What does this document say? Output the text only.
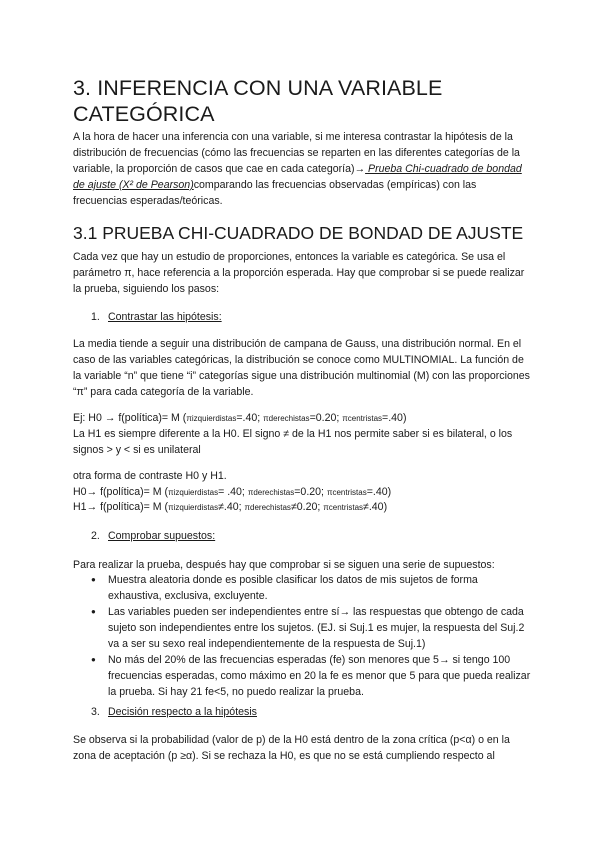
3. INFERENCIA CON UNA VARIABLE CATEGÓRICA

A la hora de hacer una inferencia con una variable, si me interesa contrastar la hipótesis de la distribución de frecuencias (cómo las frecuencias se reparten en las diferentes categorías de la variable, la proporción de casos que cae en cada categoría)→ Prueba Chi-cuadrado de bondad de ajuste (X² de Pearson)comparando las frecuencias observadas (empíricas) con las frecuencias esperadas/teóricas.

3.1 PRUEBA CHI-CUADRADO DE BONDAD DE AJUSTE

Cada vez que hay un estudio de proporciones, entonces la variable es categórica. Se usa el parámetro π, hace referencia a la proporción esperada. Hay que comprobar si se puede realizar la prueba, siguiendo los pasos:

1. Contrastar las hipótesis:

La media tiende a seguir una distribución de campana de Gauss, una distribución normal. En el caso de las variables categóricas, la distribución se conoce como MULTINOMIAL. La función de la variable “n” que tiene “i” categorías sigue una distribución multinomial (M) con las proporciones “π” para cada categoría de la variable.

Ej: H0 → f(política)= M (πizquierdistas=.40; πderechistas=0.20; πcentristas=.40)

La H1 es siempre diferente a la H0. El signo ≠ de la H1 nos permite saber si es bilateral, o los signos > y < si es unilateral

otra forma de contraste H0 y H1.

H0→ f(política)= M (πizquierdistas= .40; πderechistas=0.20; πcentristas=.40)

H1→ f(política)= M (πizquierdistas≠.40; πderechistas≠0.20; πcentristas≠.40)

2. Comprobar supuestos:

Para realizar la prueba, después hay que comprobar si se siguen una serie de supuestos:

● Muestra aleatoria donde es posible clasificar los datos de mis sujetos de forma exhaustiva, exclusiva, excluyente.
● Las variables pueden ser independientes entre sí→ las respuestas que obtengo de cada sujeto son independientes entre los sujetos. (EJ. si Suj.1 es mujer, la respuesta del Suj.2 va a ser su sexo real independientemente de la respuesta de Suj.1)
● No más del 20% de las frecuencias esperadas (fe) son menores que 5→ si tengo 100 frecuencias esperadas, como máximo en 20 la fe es menor que 5 para que pueda realizar la prueba. Si hay 21 fe<5, no puedo realizar la prueba.
3. Decisión respecto a la hipótesis

Se observa si la probabilidad (valor de p) de la H0 está dentro de la zona crítica (p<α) o en la zona de aceptación (p ≥α). Si se rechaza la H0, es que no se está cumpliendo respecto al
